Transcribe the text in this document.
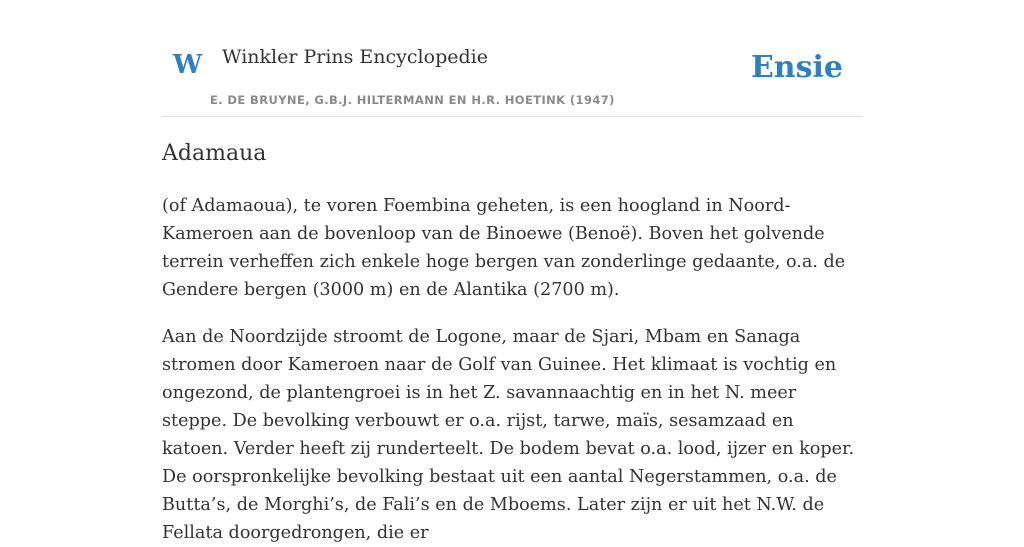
W Winkler Prins Encyclopedie
E. DE BRUYNE, G.B.J. HILTERMANN EN H.R. HOETINK (1947)
Ensie
Adamaua

(of Adamaoua), te voren Foembina geheten, is een hoogland in Noord-Kameroen aan de bovenloop van de Binoewe (Benoë). Boven het golvende terrein verheffen zich enkele hoge bergen van zonderlinge gedaante, o.a. de Gendere bergen (3000 m) en de Alantika (2700 m).

Aan de Noordzijde stroomt de Logone, maar de Sjari, Mbam en Sanaga stromen door Kameroen naar de Golf van Guinee. Het klimaat is vochtig en ongezond, de plantengroei is in het Z. savannaachtig en in het N. meer steppe. De bevolking verbouwt er o.a. rijst, tarwe, maïs, sesamzaad en katoen. Verder heeft zij runderteelt. De bodem bevat o.a. lood, ijzer en koper. De oorspronkelijke bevolking bestaat uit een aantal Negerstammen, o.a. de Butta’s, de Morghi’s, de Fali’s en de Mboems. Later zijn er uit het N.W. de Fellata doorgedrongen, die er
